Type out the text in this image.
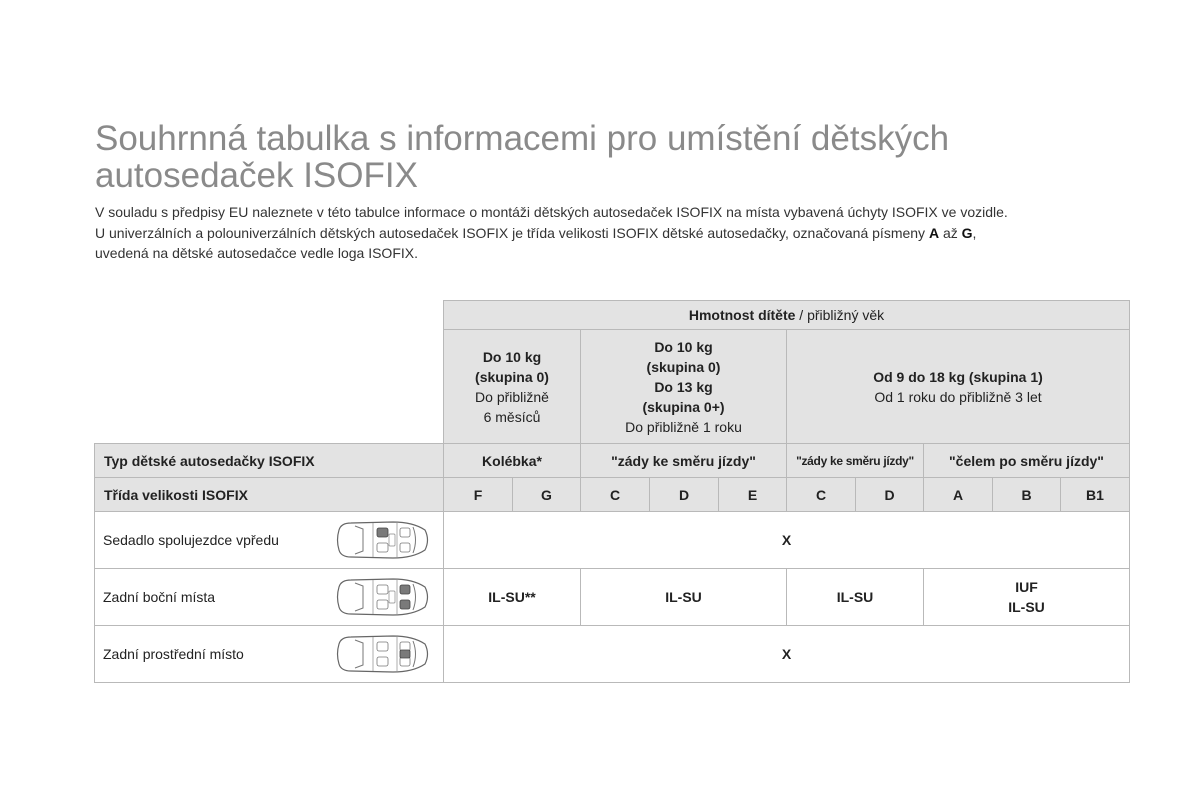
Souhrnná tabulka s informacemi pro umístění dětských autosedaček ISOFIX
V souladu s předpisy EU naleznete v této tabulce informace o montáži dětských autosedaček ISOFIX na místa vybavená úchyty ISOFIX ve vozidle.
U univerzálních a polouniverzálních dětských autosedaček ISOFIX je třída velikosti ISOFIX dětské autosedačky, označovaná písmeny A až G,
uvedená na dětské autosedačce vedle loga ISOFIX.
	Hmotnost dítěte / přibližný věk									
	Do 10 kg
(skupina 0)
Do přibližně
6 měsíců		Do 10 kg
(skupina 0)
Do 13 kg
(skupina 0+)
Do přibližně 1 roku			Od 9 do 18 kg (skupina 1)
Od 1 roku do přibližně 3 let				
Typ dětské autosedačky ISOFIX	Kolébka*		"zády ke směru jízdy"			"zády ke směru jízdy"		"čelem po směru jízdy"		
Třída velikosti ISOFIX	F	G	C	D	E	C	D	A	B	B1

Sedadlo spolujezdce vpředu	X									

Zadní boční místa	IL-SU**		IL-SU			IL-SU		IUF
IL-SU		

Zadní prostřední místo	X									
